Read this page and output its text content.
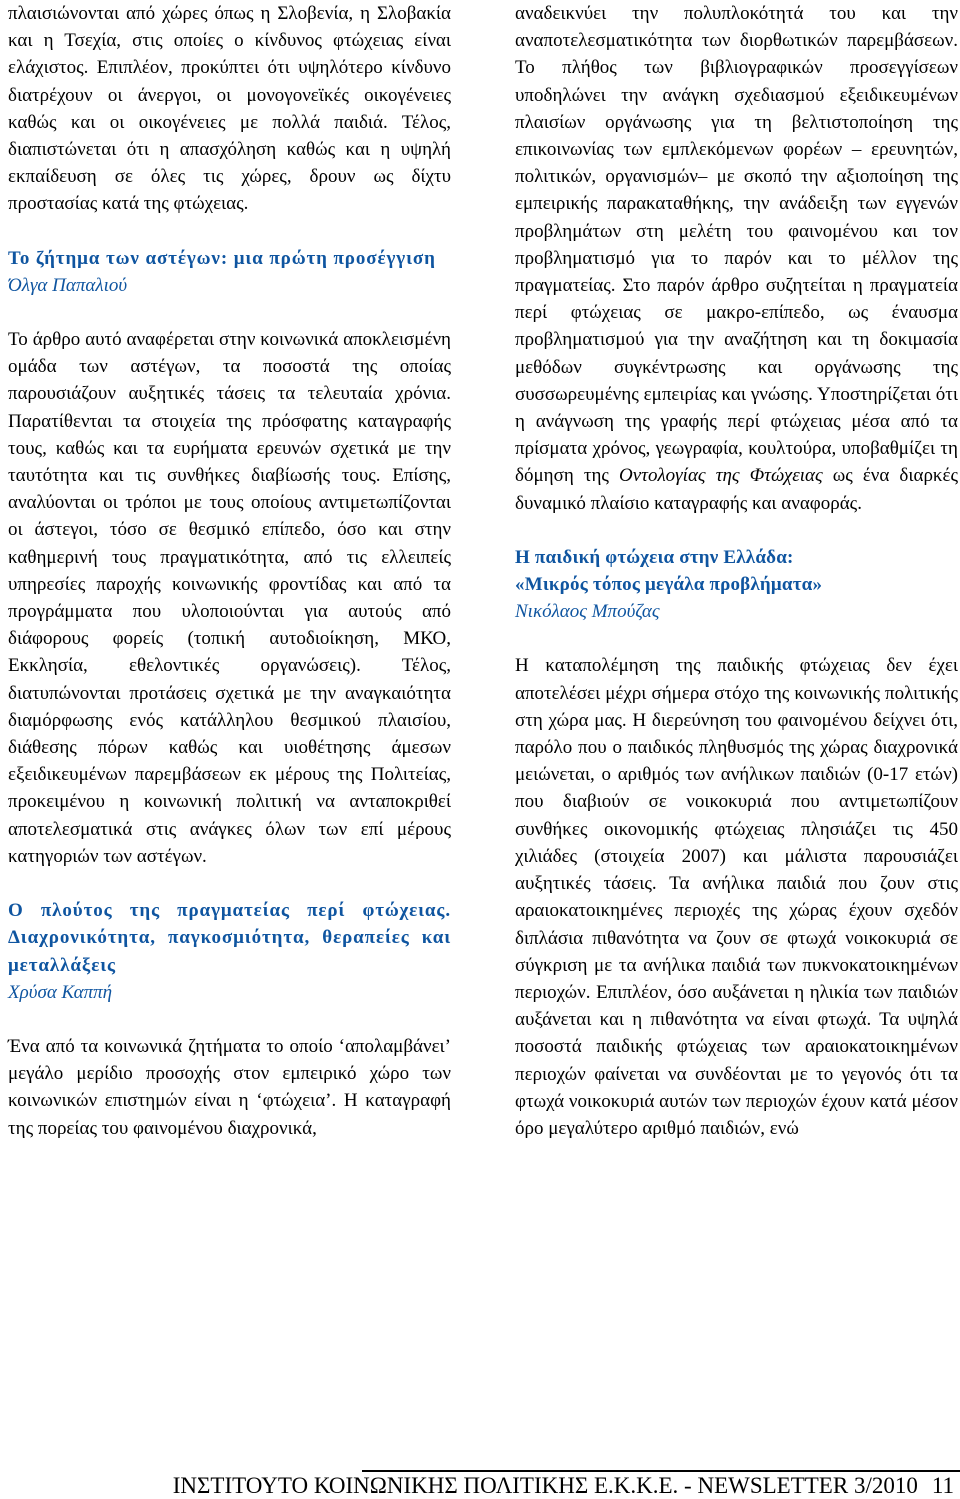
πλαισιώνονται από χώρες όπως η Σλοβενία, η Σλοβακία και η Τσεχία, στις οποίες ο κίνδυνος φτώχειας είναι ελάχιστος. Επιπλέον, προκύπτει ότι υψηλότερο κίνδυνο διατρέχουν οι άνεργοι, οι μονογονεϊκές οικογένειες καθώς και οι οικογένειες με πολλά παιδιά. Τέλος, διαπιστώνεται ότι η απασχόληση καθώς και η υψηλή εκπαίδευση σε όλες τις χώρες, δρουν ως δίχτυ προστασίας κατά της φτώχειας.

Το ζήτημα των αστέγων: μια πρώτη προσέγγιση
Όλγα Παπαλιού

Το άρθρο αυτό αναφέρεται στην κοινωνικά αποκλεισμένη ομάδα των αστέγων, τα ποσοστά της οποίας παρουσιάζουν αυξητικές τάσεις τα τελευταία χρόνια. Παρατίθενται τα στοιχεία της πρόσφατης καταγραφής τους, καθώς και τα ευρήματα ερευνών σχετικά με την ταυτότητα και τις συνθήκες διαβίωσής τους. Επίσης, αναλύονται οι τρόποι με τους οποίους αντιμετωπίζονται οι άστεγοι, τόσο σε θεσμικό επίπεδο, όσο και στην καθημερινή τους πραγματικότητα, από τις ελλειπείς υπηρεσίες παροχής κοινωνικής φροντίδας και από τα προγράμματα που υλοποιούνται για αυτούς από διάφορους φορείς (τοπική αυτοδιοίκηση, ΜΚΟ, Εκκλησία, εθελοντικές οργανώσεις). Τέλος, διατυπώνονται προτάσεις σχετικά με την αναγκαιότητα διαμόρφωσης ενός κατάλληλου θεσμικού πλαισίου, διάθεσης πόρων καθώς και υιοθέτησης άμεσων εξειδικευμένων παρεμβάσεων εκ μέρους της Πολιτείας, προκειμένου η κοινωνική πολιτική να ανταποκριθεί αποτελεσματικά στις ανάγκες όλων των επί μέρους κατηγοριών των αστέγων.

Ο πλούτος της πραγματείας περί φτώχειας. Διαχρονικότητα, παγκοσμιότητα, θεραπείες και μεταλλάξεις
Χρύσα Καππή

Ένα από τα κοινωνικά ζητήματα το οποίο ‘απολαμβάνει’ μεγάλο μερίδιο προσοχής στον εμπειρικό χώρο των κοινωνικών επιστημών είναι η ‘φτώχεια’. Η καταγραφή της πορείας του φαινομένου διαχρονικά,

αναδεικνύει την πολυπλοκότητά του και την αναποτελεσματικότητα των διορθωτικών παρεμβάσεων. Το πλήθος των βιβλιογραφικών προσεγγίσεων υποδηλώνει την ανάγκη σχεδιασμού εξειδικευμένων πλαισίων οργάνωσης για τη βελτιστοποίηση της επικοινωνίας των εμπλεκόμενων φορέων – ερευνητών, πολιτικών, οργανισμών– με σκοπό την αξιοποίηση της εμπειρικής παρακαταθήκης, την ανάδειξη των εγγενών προβλημάτων στη μελέτη του φαινομένου και τον προβληματισμό για το παρόν και το μέλλον της πραγματείας. Στο παρόν άρθρο συζητείται η πραγματεία περί φτώχειας σε μακρο-επίπεδο, ως έναυσμα προβληματισμού για την αναζήτηση και τη δοκιμασία μεθόδων συγκέντρωσης και οργάνωσης της συσσωρευμένης εμπειρίας και γνώσης. Υποστηρίζεται ότι η ανάγνωση της γραφής περί φτώχειας μέσα από τα πρίσματα χρόνος, γεωγραφία, κουλτούρα, υποβαθμίζει τη δόμηση της Οντολογίας της Φτώχειας ως ένα διαρκές δυναμικό πλαίσιο καταγραφής και αναφοράς.

Η παιδική φτώχεια στην Ελλάδα:
«Μικρός τόπος μεγάλα προβλήματα»
Νικόλαος Μπούζας

Η καταπολέμηση της παιδικής φτώχειας δεν έχει αποτελέσει μέχρι σήμερα στόχο της κοινωνικής πολιτικής στη χώρα μας. Η διερεύνηση του φαινομένου δείχνει ότι, παρόλο που ο παιδικός πληθυσμός της χώρας διαχρονικά μειώνεται, ο αριθμός των ανήλικων παιδιών (0-17 ετών) που διαβιούν σε νοικοκυριά που αντιμετωπίζουν συνθήκες οικονομικής φτώχειας πλησιάζει τις 450 χιλιάδες (στοιχεία 2007) και μάλιστα παρουσιάζει αυξητικές τάσεις. Τα ανήλικα παιδιά που ζουν στις αραιοκατοικημένες περιοχές της χώρας έχουν σχεδόν διπλάσια πιθανότητα να ζουν σε φτωχά νοικοκυριά σε σύγκριση με τα ανήλικα παιδιά των πυκνοκατοικημένων περιοχών. Επιπλέον, όσο αυξάνεται η ηλικία των παιδιών αυξάνεται και η πιθανότητα να είναι φτωχά. Τα υψηλά ποσοστά παιδικής φτώχειας των αραιοκατοικημένων περιοχών φαίνεται να συνδέονται με το γεγονός ότι τα φτωχά νοικοκυριά αυτών των περιοχών έχουν κατά μέσον όρο μεγαλύτερο αριθμό παιδιών, ενώ

ΙΝΣΤΙΤΟΥΤΟ ΚΟΙΝΩΝΙΚΗΣ ΠΟΛΙΤΙΚΗΣ Ε.Κ.Κ.Ε. - NEWSLETTER 3/2010 11
